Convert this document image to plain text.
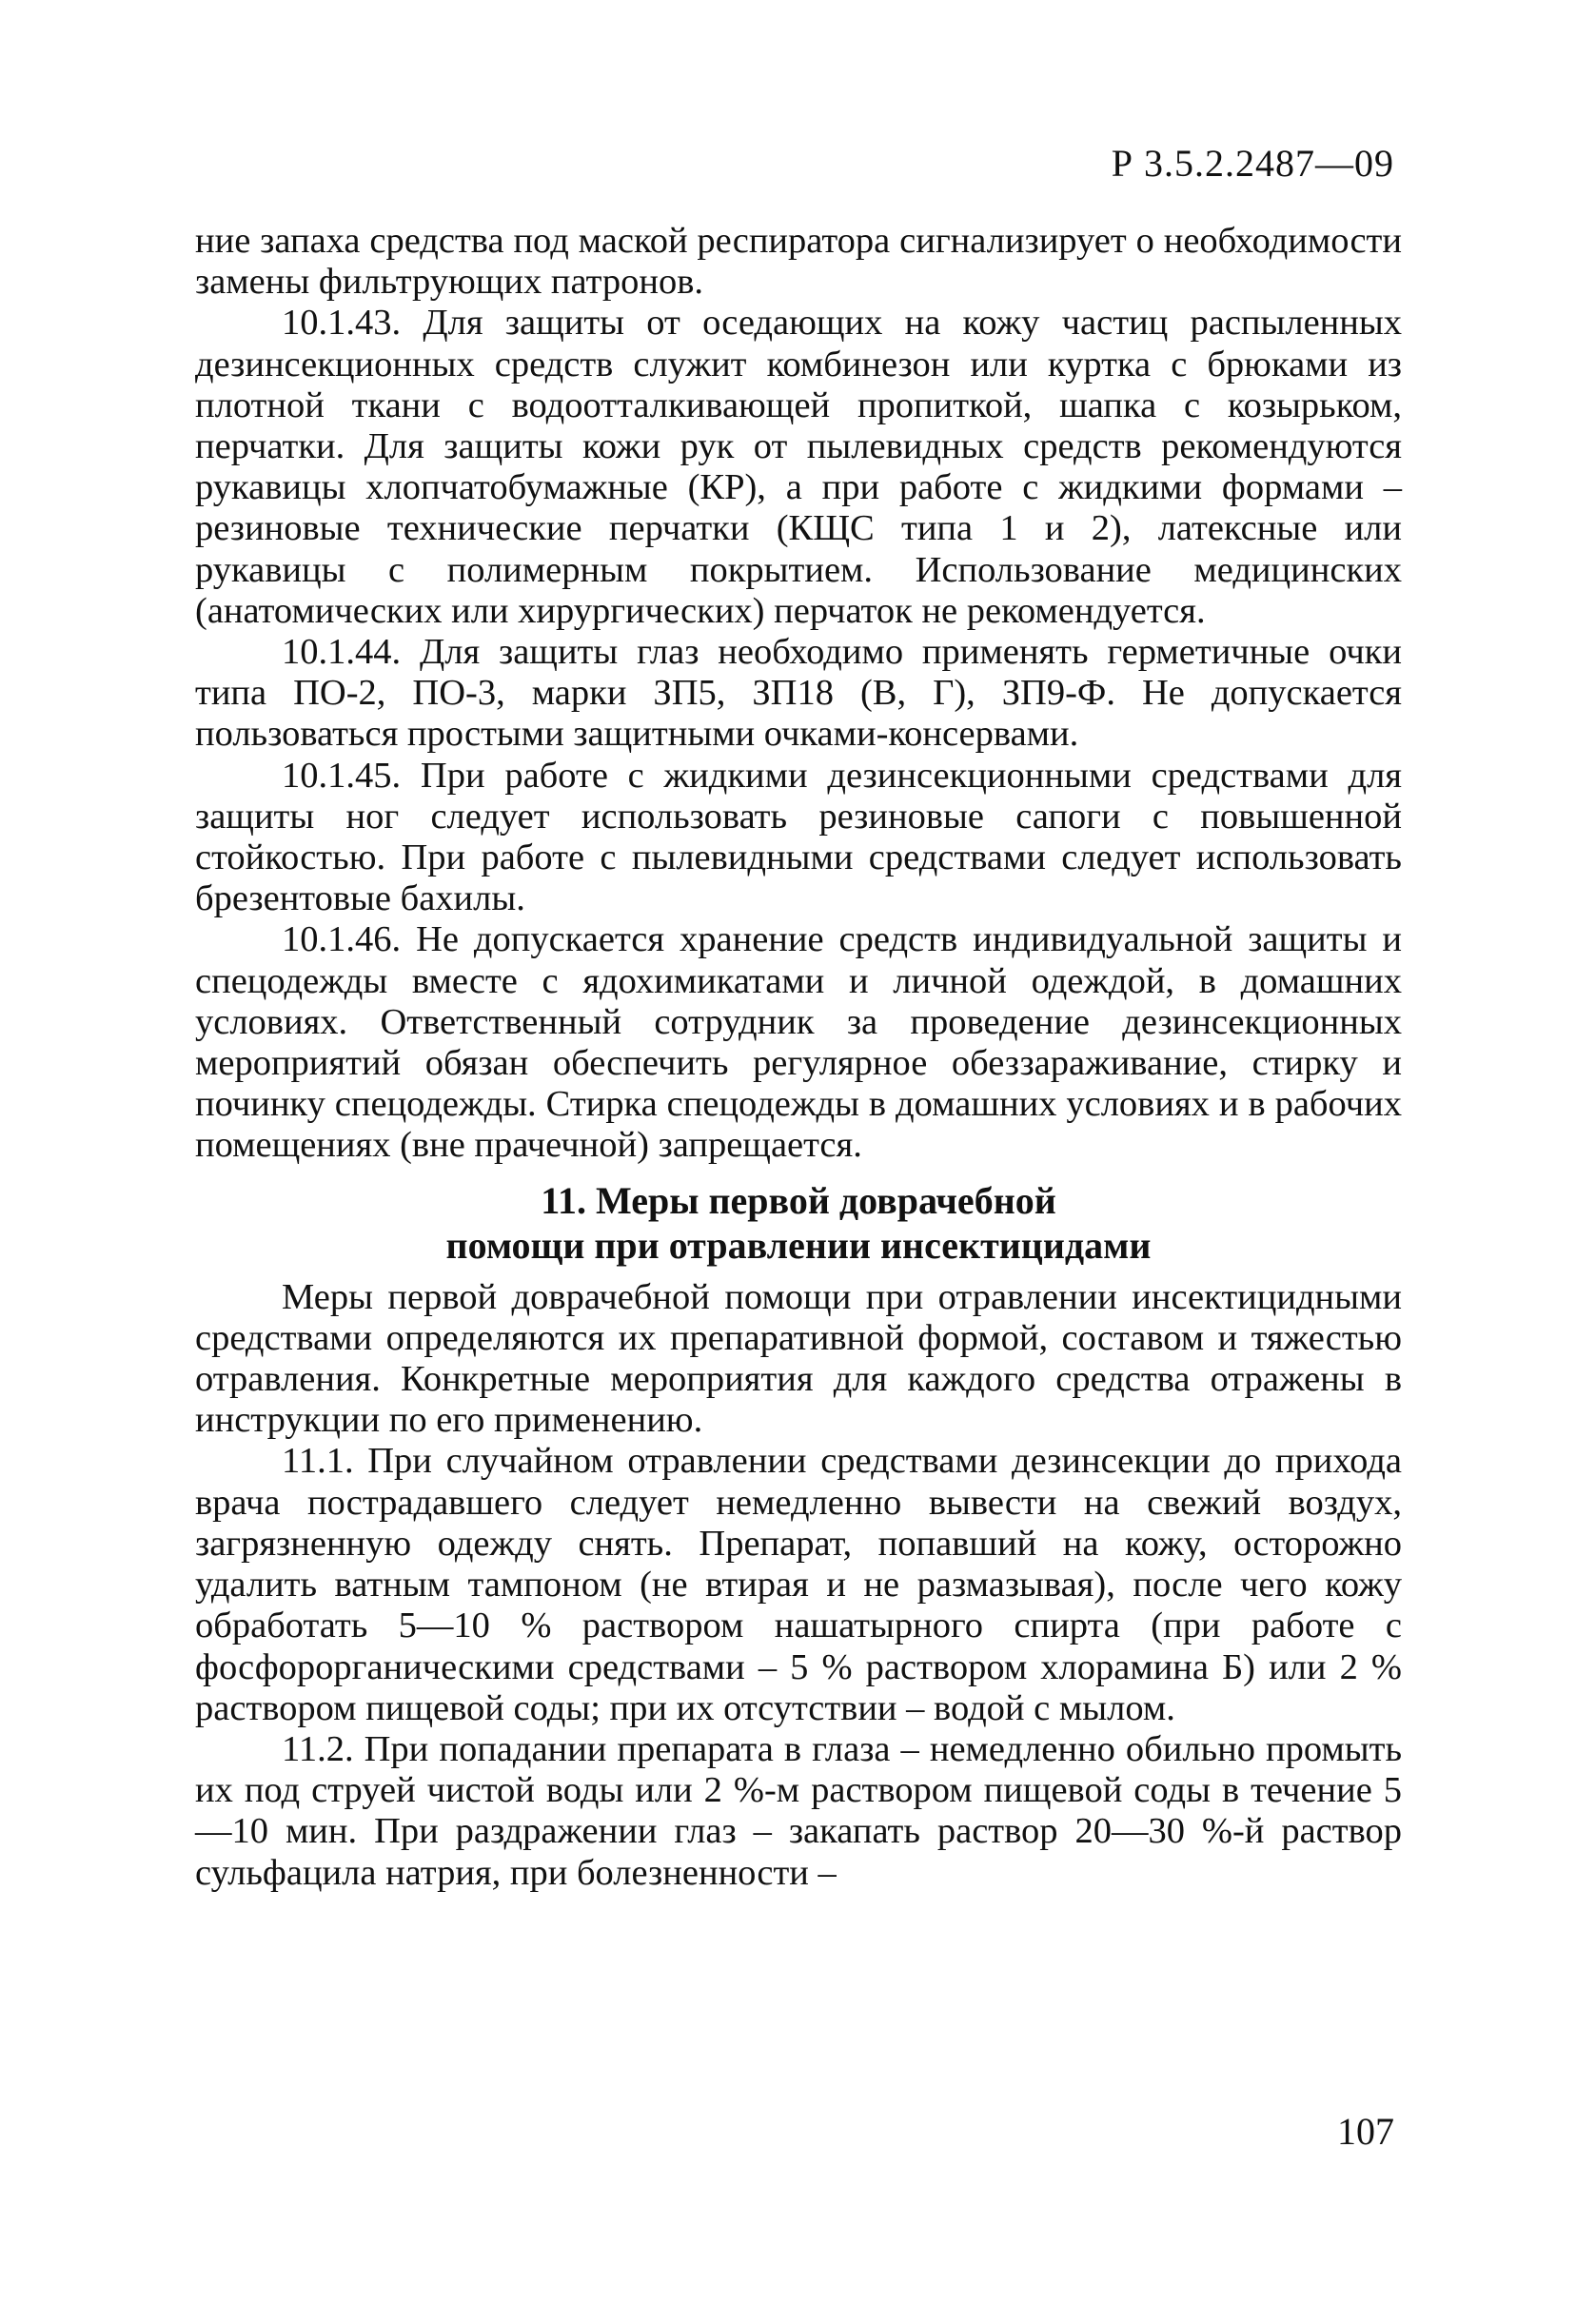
Р 3.5.2.2487—09

ние запаха средства под маской респиратора сигнализирует о необходимости замены фильтрующих патронов.

10.1.43. Для защиты от оседающих на кожу частиц распыленных дезинсекционных средств служит комбинезон или куртка с брюками из плотной ткани с водоотталкивающей пропиткой, шапка с козырьком, перчатки. Для защиты кожи рук от пылевидных средств рекомендуются рукавицы хлопчатобумажные (КР), а при работе с жидкими формами – резиновые технические перчатки (КЩС типа 1 и 2), латексные или рукавицы с полимерным покрытием. Использование медицинских (анатомических или хирургических) перчаток не рекомендуется.

10.1.44. Для защиты глаз необходимо применять герметичные очки типа ПО-2, ПО-3, марки ЗП5, ЗП18 (В, Г), ЗП9-Ф. Не допускается пользоваться простыми защитными очками-консервами.

10.1.45. При работе с жидкими дезинсекционными средствами для защиты ног следует использовать резиновые сапоги с повышенной стойкостью. При работе с пылевидными средствами следует использовать брезентовые бахилы.

10.1.46. Не допускается хранение средств индивидуальной защиты и спецодежды вместе с ядохимикатами и личной одеждой, в домашних условиях. Ответственный сотрудник за проведение дезинсекционных мероприятий обязан обеспечить регулярное обеззараживание, стирку и починку спецодежды. Стирка спецодежды в домашних условиях и в рабочих помещениях (вне прачечной) запрещается.

11. Меры первой доврачебной
помощи при отравлении инсектицидами

Меры первой доврачебной помощи при отравлении инсектицидными средствами определяются их препаративной формой, составом и тяжестью отравления. Конкретные мероприятия для каждого средства отражены в инструкции по его применению.

11.1. При случайном отравлении средствами дезинсекции до прихода врача пострадавшего следует немедленно вывести на свежий воздух, загрязненную одежду снять. Препарат, попавший на кожу, осторожно удалить ватным тампоном (не втирая и не размазывая), после чего кожу обработать 5—10 % раствором нашатырного спирта (при работе с фосфорорганическими средствами – 5 % раствором хлорамина Б) или 2 % раствором пищевой соды; при их отсутствии – водой с мылом.

11.2. При попадании препарата в глаза – немедленно обильно промыть их под струей чистой воды или 2 %-м раствором пищевой соды в течение 5—10 мин. При раздражении глаз – закапать раствор 20—30 %-й раствор сульфацила натрия, при болезненности –

107
